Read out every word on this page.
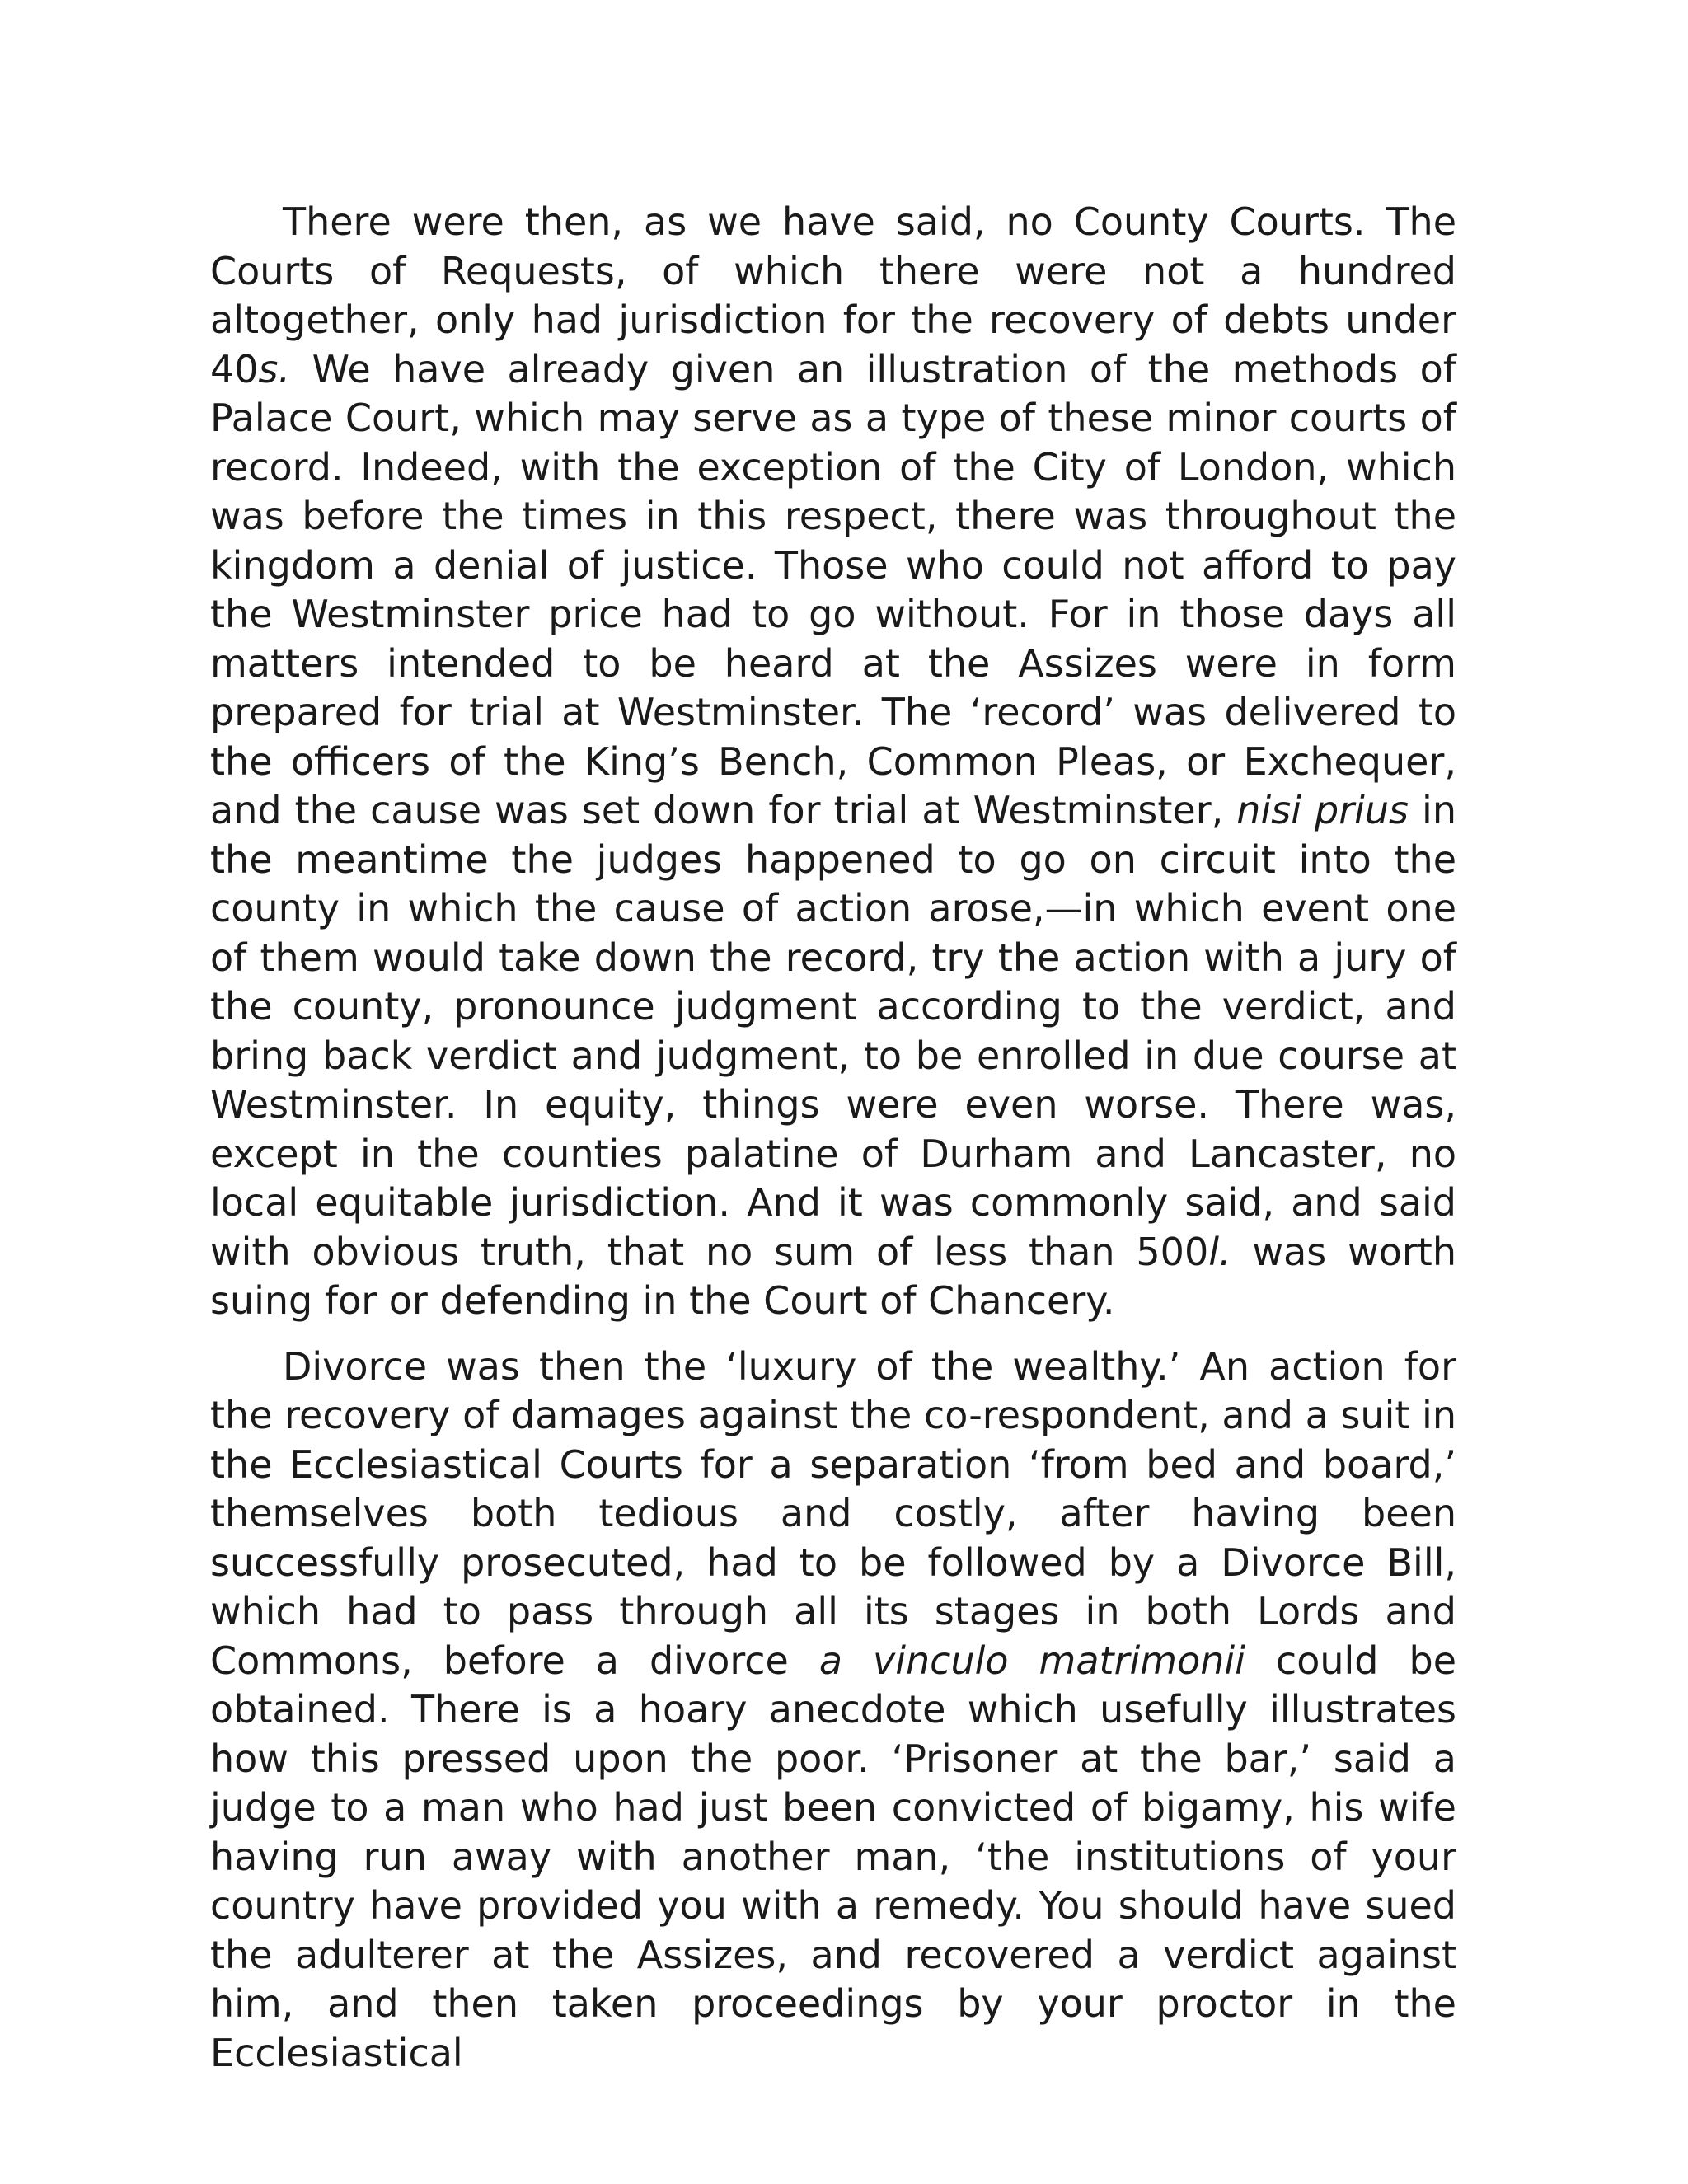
There were then, as we have said, no County Courts. The Courts of Requests, of which there were not a hundred altogether, only had jurisdiction for the recovery of debts under 40s. We have already given an illustration of the methods of Palace Court, which may serve as a type of these minor courts of record. Indeed, with the exception of the City of London, which was before the times in this respect, there was throughout the kingdom a denial of justice. Those who could not afford to pay the Westminster price had to go without. For in those days all matters intended to be heard at the Assizes were in form prepared for trial at Westminster. The ‘record’ was delivered to the officers of the King’s Bench, Common Pleas, or Exchequer, and the cause was set down for trial at Westminster, nisi prius in the meantime the judges happened to go on circuit into the county in which the cause of action arose,—in which event one of them would take down the record, try the action with a jury of the county, pronounce judgment according to the verdict, and bring back verdict and judgment, to be enrolled in due course at Westminster. In equity, things were even worse. There was, except in the counties palatine of Durham and Lancaster, no local equitable jurisdiction. And it was commonly said, and said with obvious truth, that no sum of less than 500l. was worth suing for or defending in the Court of Chancery.

Divorce was then the ‘luxury of the wealthy.’ An action for the recovery of damages against the co-respondent, and a suit in the Ecclesiastical Courts for a separation ‘from bed and board,’ themselves both tedious and costly, after having been successfully prosecuted, had to be followed by a Divorce Bill, which had to pass through all its stages in both Lords and Commons, before a divorce a vinculo matrimonii could be obtained. There is a hoary anecdote which usefully illustrates how this pressed upon the poor. ‘Prisoner at the bar,’ said a judge to a man who had just been convicted of bigamy, his wife having run away with another man, ‘the institutions of your country have provided you with a remedy. You should have sued the adulterer at the Assizes, and recovered a verdict against him, and then taken proceedings by your proctor in the Ecclesiastical
